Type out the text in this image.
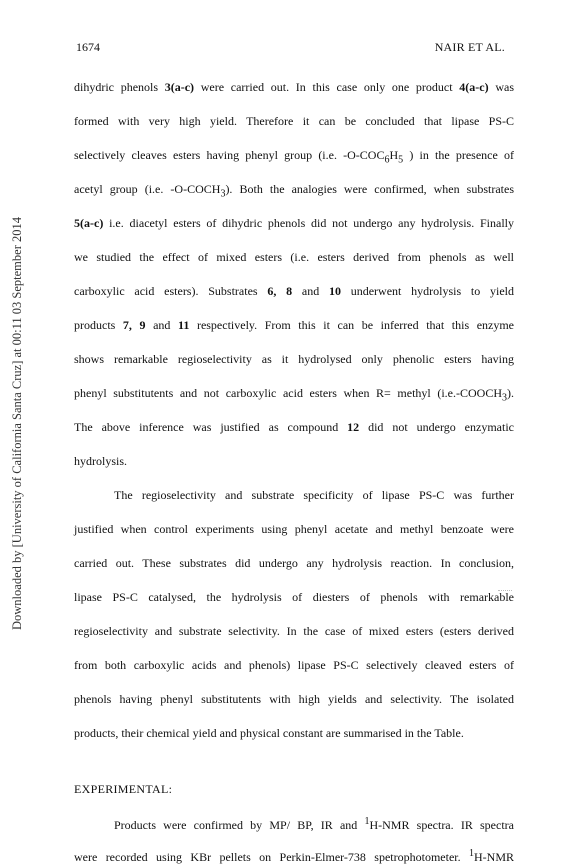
1674	NAIR ET AL.
Downloaded by [University of California Santa Cruz] at 00:11 03 September 2014
dihydric phenols 3(a-c) were carried out. In this case only one product 4(a-c) was
formed with very high yield. Therefore it can be concluded that lipase PS-C
selectively cleaves esters having phenyl group (i.e. $-O-COC_6H_5$ ) in the presence of
acetyl group (i.e. $-O-COCH_3$). Both the analogies were confirmed, when substrates
5(a-c) i.e. diacetyl esters of dihydric phenols did not undergo any hydrolysis. Finally
we studied the effect of mixed esters (i.e. esters derived from phenols as well
carboxylic acid esters). Substrates 6, 8 and 10 underwent hydrolysis to yield
products 7, 9 and 11 respectively. From this it can be inferred that this enzyme
shows remarkable regioselectivity as it hydrolysed only phenolic esters having
phenyl substitutents and not carboxylic acid esters when R= methyl $(i.e.-COOCH_3)$.
The above inference was justified as compound 12 did not undergo enzymatic
hydrolysis.
The regioselectivity and substrate specificity of lipase PS-C was further
justified when control experiments using phenyl acetate and methyl benzoate were
carried out. These substrates did undergo any hydrolysis reaction. In conclusion,
lipase PS-C catalysed, the hydrolysis of diesters of phenols with remarkable
regioselectivity and substrate selectivity. In the case of mixed esters (esters derived
from both carboxylic acids and phenols) lipase PS-C selectively cleaved esters of
phenols having phenyl substitutents with high yields and selectivity. The isolated
products, their chemical yield and physical constant are summarised in the Table.
EXPERIMENTAL:
Products were confirmed by MP/ BP, IR and $^1$H-NMR spectra. IR spectra
were recorded using KBr pellets on Perkin-Elmer-738 spetrophotometer. $^1$H-NMR
